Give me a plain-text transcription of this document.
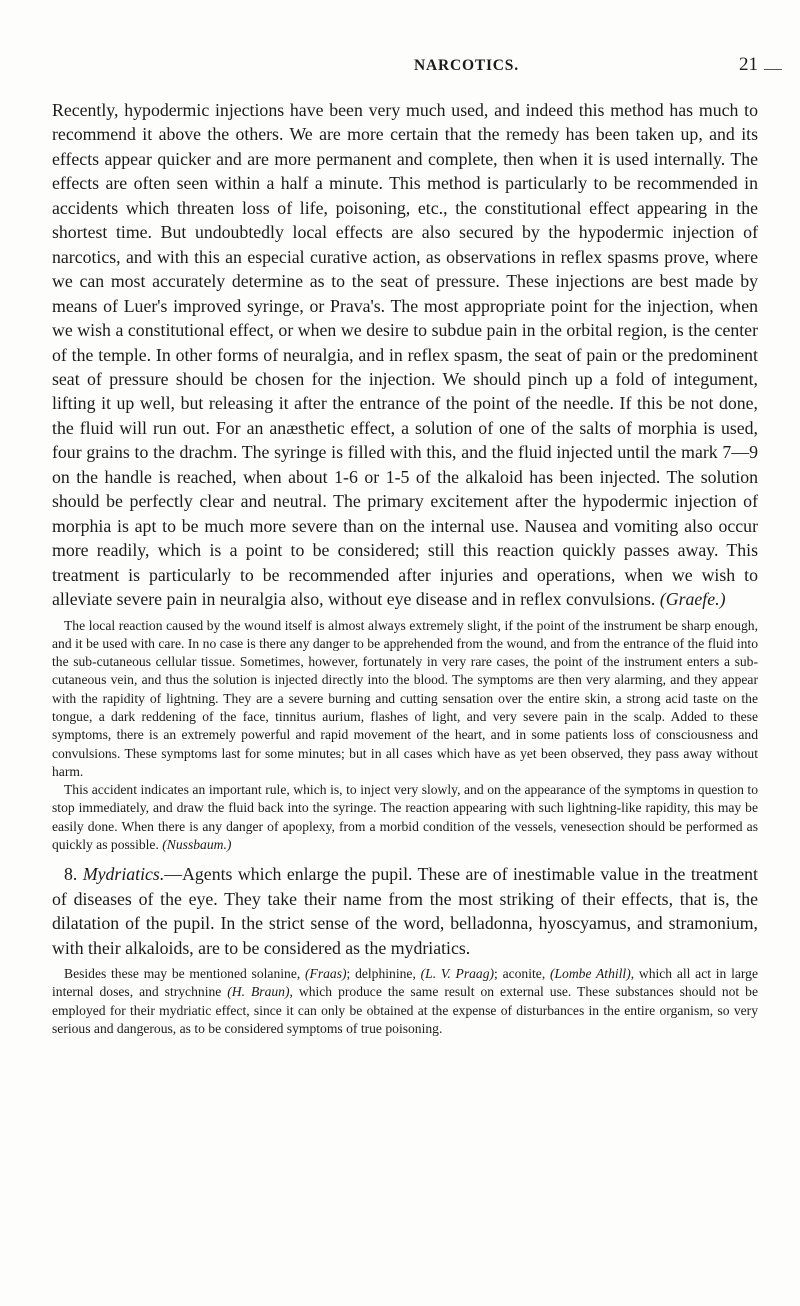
NARCOTICS.	21

Recently, hypodermic injections have been very much used, and indeed this method has much to recommend it above the others. We are more certain that the remedy has been taken up, and its effects appear quicker and are more permanent and complete, then when it is used internally. The effects are often seen within a half a minute. This method is particularly to be recommended in accidents which threaten loss of life, poisoning, etc., the constitutional effect appearing in the shortest time. But undoubtedly local effects are also secured by the hypodermic injection of narcotics, and with this an especial curative action, as observations in reflex spasms prove, where we can most accurately determine as to the seat of pressure. These injections are best made by means of Luer's improved syringe, or Prava's. The most appropriate point for the injection, when we wish a constitutional effect, or when we desire to subdue pain in the orbital region, is the center of the temple. In other forms of neuralgia, and in reflex spasm, the seat of pain or the predominent seat of pressure should be chosen for the injection. We should pinch up a fold of integument, lifting it up well, but releasing it after the entrance of the point of the needle. If this be not done, the fluid will run out. For an anæsthetic effect, a solution of one of the salts of morphia is used, four grains to the drachm. The syringe is filled with this, and the fluid injected until the mark 7—9 on the handle is reached, when about 1-6 or 1-5 of the alkaloid has been injected. The solution should be perfectly clear and neutral. The primary excitement after the hypodermic injection of morphia is apt to be much more severe than on the internal use. Nausea and vomiting also occur more readily, which is a point to be considered; still this reaction quickly passes away. This treatment is particularly to be recommended after injuries and operations, when we wish to alleviate severe pain in neuralgia also, without eye disease and in reflex convulsions. (Graefe.)

The local reaction caused by the wound itself is almost always extremely slight, if the point of the instrument be sharp enough, and it be used with care. In no case is there any danger to be apprehended from the wound, and from the entrance of the fluid into the sub-cutaneous cellular tissue. Sometimes, however, fortunately in very rare cases, the point of the instrument enters a sub-cutaneous vein, and thus the solution is injected directly into the blood. The symptoms are then very alarming, and they appear with the rapidity of lightning. They are a severe burning and cutting sensation over the entire skin, a strong acid taste on the tongue, a dark reddening of the face, tinnitus aurium, flashes of light, and very severe pain in the scalp. Added to these symptoms, there is an extremely powerful and rapid movement of the heart, and in some patients loss of consciousness and convulsions. These symptoms last for some minutes; but in all cases which have as yet been observed, they pass away without harm.

This accident indicates an important rule, which is, to inject very slowly, and on the appearance of the symptoms in question to stop immediately, and draw the fluid back into the syringe. The reaction appearing with such lightning-like rapidity, this may be easily done. When there is any danger of apoplexy, from a morbid condition of the vessels, venesection should be performed as quickly as possible. (Nussbaum.)

8. Mydriatics.—Agents which enlarge the pupil. These are of inestimable value in the treatment of diseases of the eye. They take their name from the most striking of their effects, that is, the dilatation of the pupil. In the strict sense of the word, belladonna, hyoscyamus, and stramonium, with their alkaloids, are to be considered as the mydriatics.

Besides these may be mentioned solanine, (Fraas); delphinine, (L. V. Praag); aconite, (Lombe Athill), which all act in large internal doses, and strychnine (H. Braun), which produce the same result on external use. These substances should not be employed for their mydriatic effect, since it can only be obtained at the expense of disturbances in the entire organism, so very serious and dangerous, as to be considered symptoms of true poisoning.
